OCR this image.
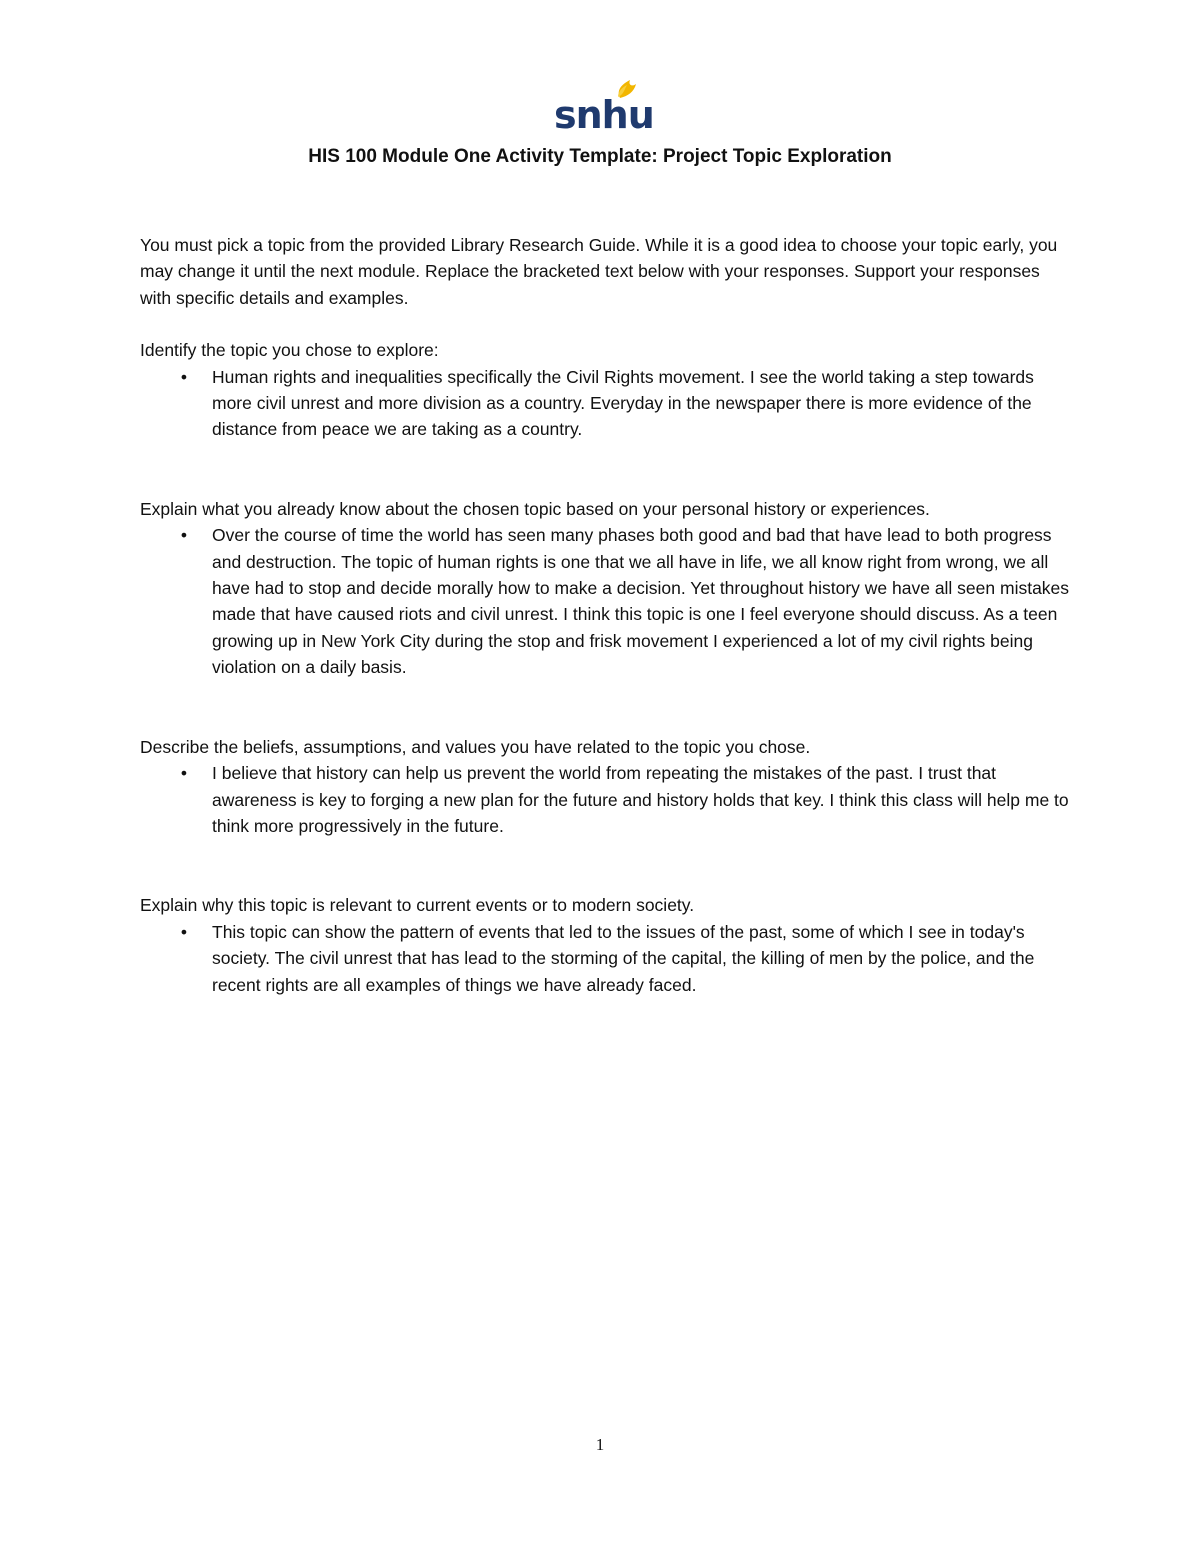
snhu
HIS 100 Module One Activity Template: Project Topic Exploration

You must pick a topic from the provided Library Research Guide. While it is a good idea to choose your topic early, you may change it until the next module. Replace the bracketed text below with your responses. Support your responses with specific details and examples.

Identify the topic you chose to explore:

•	Human rights and inequalities specifically the Civil Rights movement. I see the world taking a step towards more civil unrest and more division as a country. Everyday in the newspaper there is more evidence of the distance from peace we are taking as a country.

Explain what you already know about the chosen topic based on your personal history or experiences.

•	Over the course of time the world has seen many phases both good and bad that have lead to both progress and destruction. The topic of human rights is one that we all have in life, we all know right from wrong, we all have had to stop and decide morally how to make a decision. Yet throughout history we have all seen mistakes made that have caused riots and civil unrest. I think this topic is one I feel everyone should discuss. As a teen growing up in New York City during the stop and frisk movement I experienced a lot of my civil rights being violation on a daily basis.

Describe the beliefs, assumptions, and values you have related to the topic you chose.

•	I believe that history can help us prevent the world from repeating the mistakes of the past. I trust that awareness is key to forging a new plan for the future and history holds that key. I think this class will help me to think more progressively in the future.

Explain why this topic is relevant to current events or to modern society.

•	This topic can show the pattern of events that led to the issues of the past, some of which I see in today's society. The civil unrest that has lead to the storming of the capital, the killing of men by the police, and the recent rights are all examples of things we have already faced.
1
